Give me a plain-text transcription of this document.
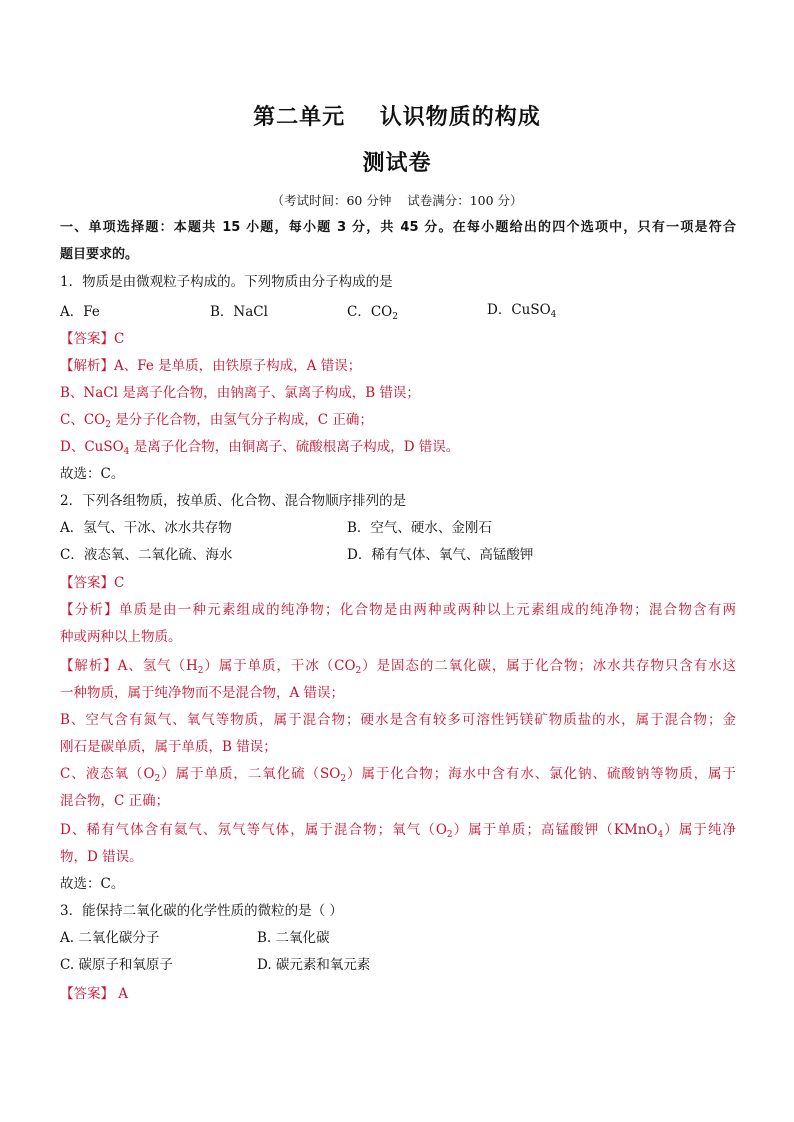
第二单元    认识物质的构成
测试卷
（考试时间：60 分钟    试卷满分：100 分）
一、单项选择题：本题共 15 小题，每小题 3 分，共 45 分。在每小题给出的四个选项中，只有一项是符合
题目要求的。
1．物质是由微观粒子构成的。下列物质由分子构成的是
A．Fe	B．NaCl	C．$CO_2$	D．CuSO$_4$
【答案】C
【解析】A、Fe 是单质，由铁原子构成，A 错误；
B、NaCl 是离子化合物，由钠离子、氯离子构成，B 错误；
C、$CO_2$ 是分子化合物，由氢气分子构成，C 正确；
D、CuSO$_4$ 是离子化合物，由铜离子、硫酸根离子构成，D 错误。
故选：C。
2．下列各组物质，按单质、化合物、混合物顺序排列的是
A．氢气、干冰、冰水共存物	B．空气、硬水、金刚石
C．液态氧、二氧化硫、海水	D．稀有气体、氧气、高锰酸钾
【答案】C
【分析】单质是由一种元素组成的纯净物；化合物是由两种或两种以上元素组成的纯净物；混合物含有两
种或两种以上物质。
【解析】A、氢气$(H_2)$属于单质，干冰$(CO_2)$是固态的二氧化碳，属于化合物；冰水共存物只含有水这
一种物质，属于纯净物而不是混合物，A 错误；
B、空气含有氮气、氧气等物质，属于混合物；硬水是含有较多可溶性钙镁矿物质盐的水，属于混合物；金
刚石是碳单质，属于单质，B 错误；
C、液态氧$(O_2)$属于单质，二氧化硫$(SO_2)$属于化合物；海水中含有水、氯化钠、硫酸钠等物质，属于
混合物，C 正确；
D、稀有气体含有氦气、氖气等气体，属于混合物；氧气$(O_2)$属于单质；高锰酸钾（KMnO$_4$）属于纯净
物，D 错误。
故选：C。
3．能保持二氧化碳的化学性质的微粒的是（ ）
A. 二氧化碳分子	B. 二氧化碳
C. 碳原子和氧原子	D. 碳元素和氧元素
【答案】 A
